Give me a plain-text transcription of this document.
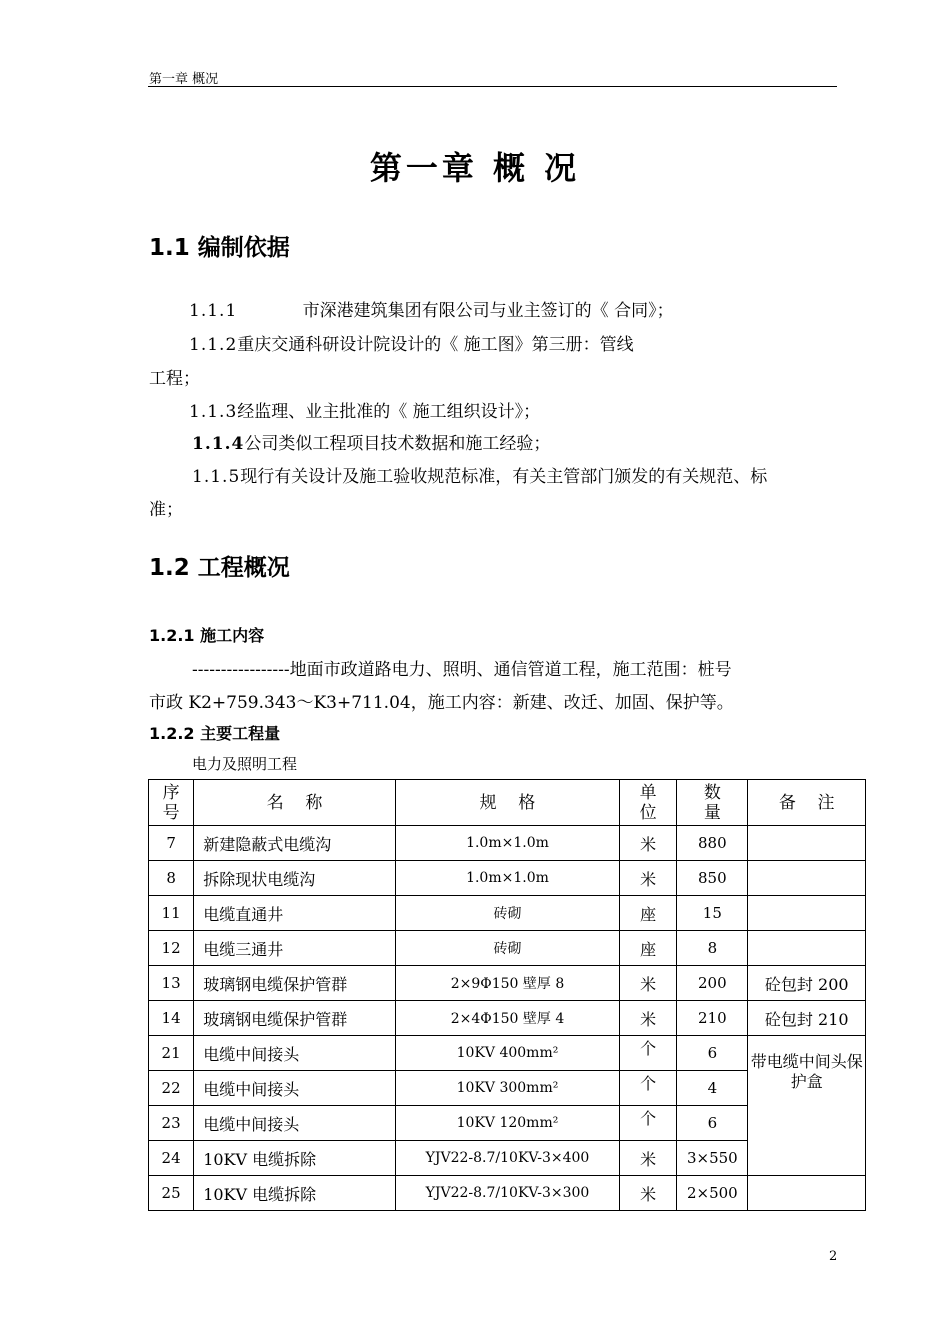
第一章 概况
第一章 概 况
1.1 编制依据
1.1.1	市深港建筑集团有限公司与业主签订的《 合同》；
1.1.2重庆交通科研设计院设计的《 施工图》第三册：管线
工程；
1.1.3经监理、业主批准的《 施工组织设计》；
1.1.4公司类似工程项目技术数据和施工经验；
1.1.5现行有关设计及施工验收规范标准，有关主管部门颁发的有关规范、标
准；
1.2 工程概况
1.2.1 施工内容
-----------------地面市政道路电力、照明、通信管道工程，施工范围：桩号
市政 K2+759.343～K3+711.04，施工内容：新建、改迁、加固、保护等。
1.2.2 主要工程量
电力及照明工程
序号	名    称	规    格	单位	数量	备    注
7	新建隐蔽式电缆沟	1.0m×1.0m	米	880	
8	拆除现状电缆沟	1.0m×1.0m	米	850	
11	电缆直通井	砖砌	座	15	
12	电缆三通井	砖砌	座	8	
13	玻璃钢电缆保护管群	2×9Φ150 壁厚 8	米	200	砼包封 200
14	玻璃钢电缆保护管群	2×4Φ150 壁厚 4	米	210	砼包封 210
21	电缆中间接头	10KV 400mm²	个	6	带电缆中间头保护盒
22	电缆中间接头	10KV 300mm²	个	4	
23	电缆中间接头	10KV 120mm²	个	6	
24	10KV 电缆拆除	YJV22-8.7/10KV-3×400	米	3×550	
25	10KV 电缆拆除	YJV22-8.7/10KV-3×300	米	2×500	
2
